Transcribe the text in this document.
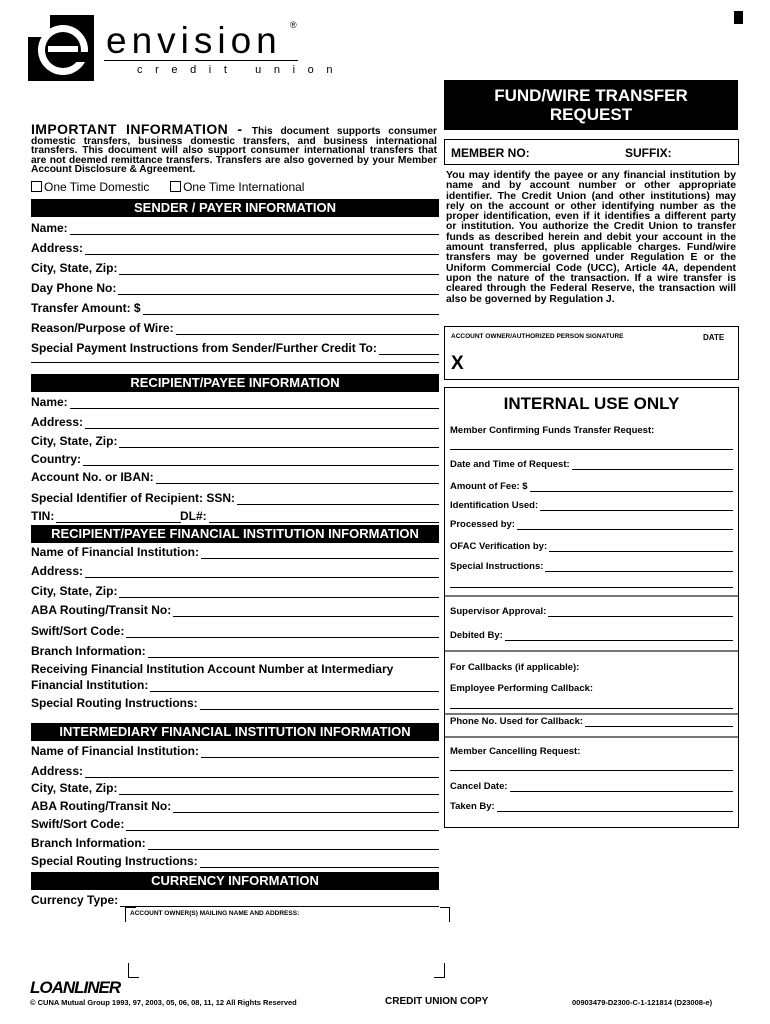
envision ®
credit union
FUND/WIRE TRANSFER
REQUEST
IMPORTANT INFORMATION - This document supports consumer domestic transfers, business domestic transfers, and business international transfers. This document will also support consumer international transfers that are not deemed remittance transfers. Transfers are also governed by your Member Account Disclosure & Agreement.
One Time Domestic	One Time International
SENDER / PAYER INFORMATION
Name:
Address:
City, State, Zip:
Day Phone No:
Transfer Amount: $
Reason/Purpose of Wire:
Special Payment Instructions from Sender/Further Credit To:
RECIPIENT/PAYEE INFORMATION
Name:
Address:
City, State, Zip:
Country:
Account No. or IBAN:
Special Identifier of Recipient: SSN:
TIN:	DL#:
RECIPIENT/PAYEE FINANCIAL INSTITUTION INFORMATION
Name of Financial Institution:
Address:
City, State, Zip:
ABA Routing/Transit No:
Swift/Sort Code:
Branch Information:
Receiving Financial Institution Account Number at Intermediary
Financial Institution:
Special Routing Instructions:
INTERMEDIARY FINANCIAL INSTITUTION INFORMATION
Name of Financial Institution:
Address:
City, State, Zip:
ABA Routing/Transit No:
Swift/Sort Code:
Branch Information:
Special Routing Instructions:
CURRENCY INFORMATION
Currency Type:
ACCOUNT OWNER(S) MAILING NAME AND ADDRESS:
MEMBER NO:	SUFFIX:
You may identify the payee or any financial institution by name and by account number or other appropriate identifier. The Credit Union (and other institutions) may rely on the account or other identifying number as the proper identification, even if it identifies a different party or institution. You authorize the Credit Union to transfer funds as described herein and debit your account in the amount transferred, plus applicable charges. Fund/wire transfers may be governed under Regulation E or the Uniform Commercial Code (UCC), Article 4A, dependent upon the nature of the transaction. If a wire transfer is cleared through the Federal Reserve, the transaction will also be governed by Regulation J.
ACCOUNT OWNER/AUTHORIZED PERSON SIGNATURE	DATE
X
INTERNAL USE ONLY
Member Confirming Funds Transfer Request:
Date and Time of Request:
Amount of Fee: $
Identification Used:
Processed by:
OFAC Verification by:
Special Instructions:
Supervisor Approval:
Debited By:
For Callbacks (if applicable):
Employee Performing Callback:
Phone No. Used for Callback:
Member Cancelling Request:
Cancel Date:
Taken By:
LOANLINER
© CUNA Mutual Group 1993, 97, 2003, 05, 06, 08, 11, 12 All Rights Reserved	CREDIT UNION COPY	00903479-D2300-C-1-121814 (D23008-e)
